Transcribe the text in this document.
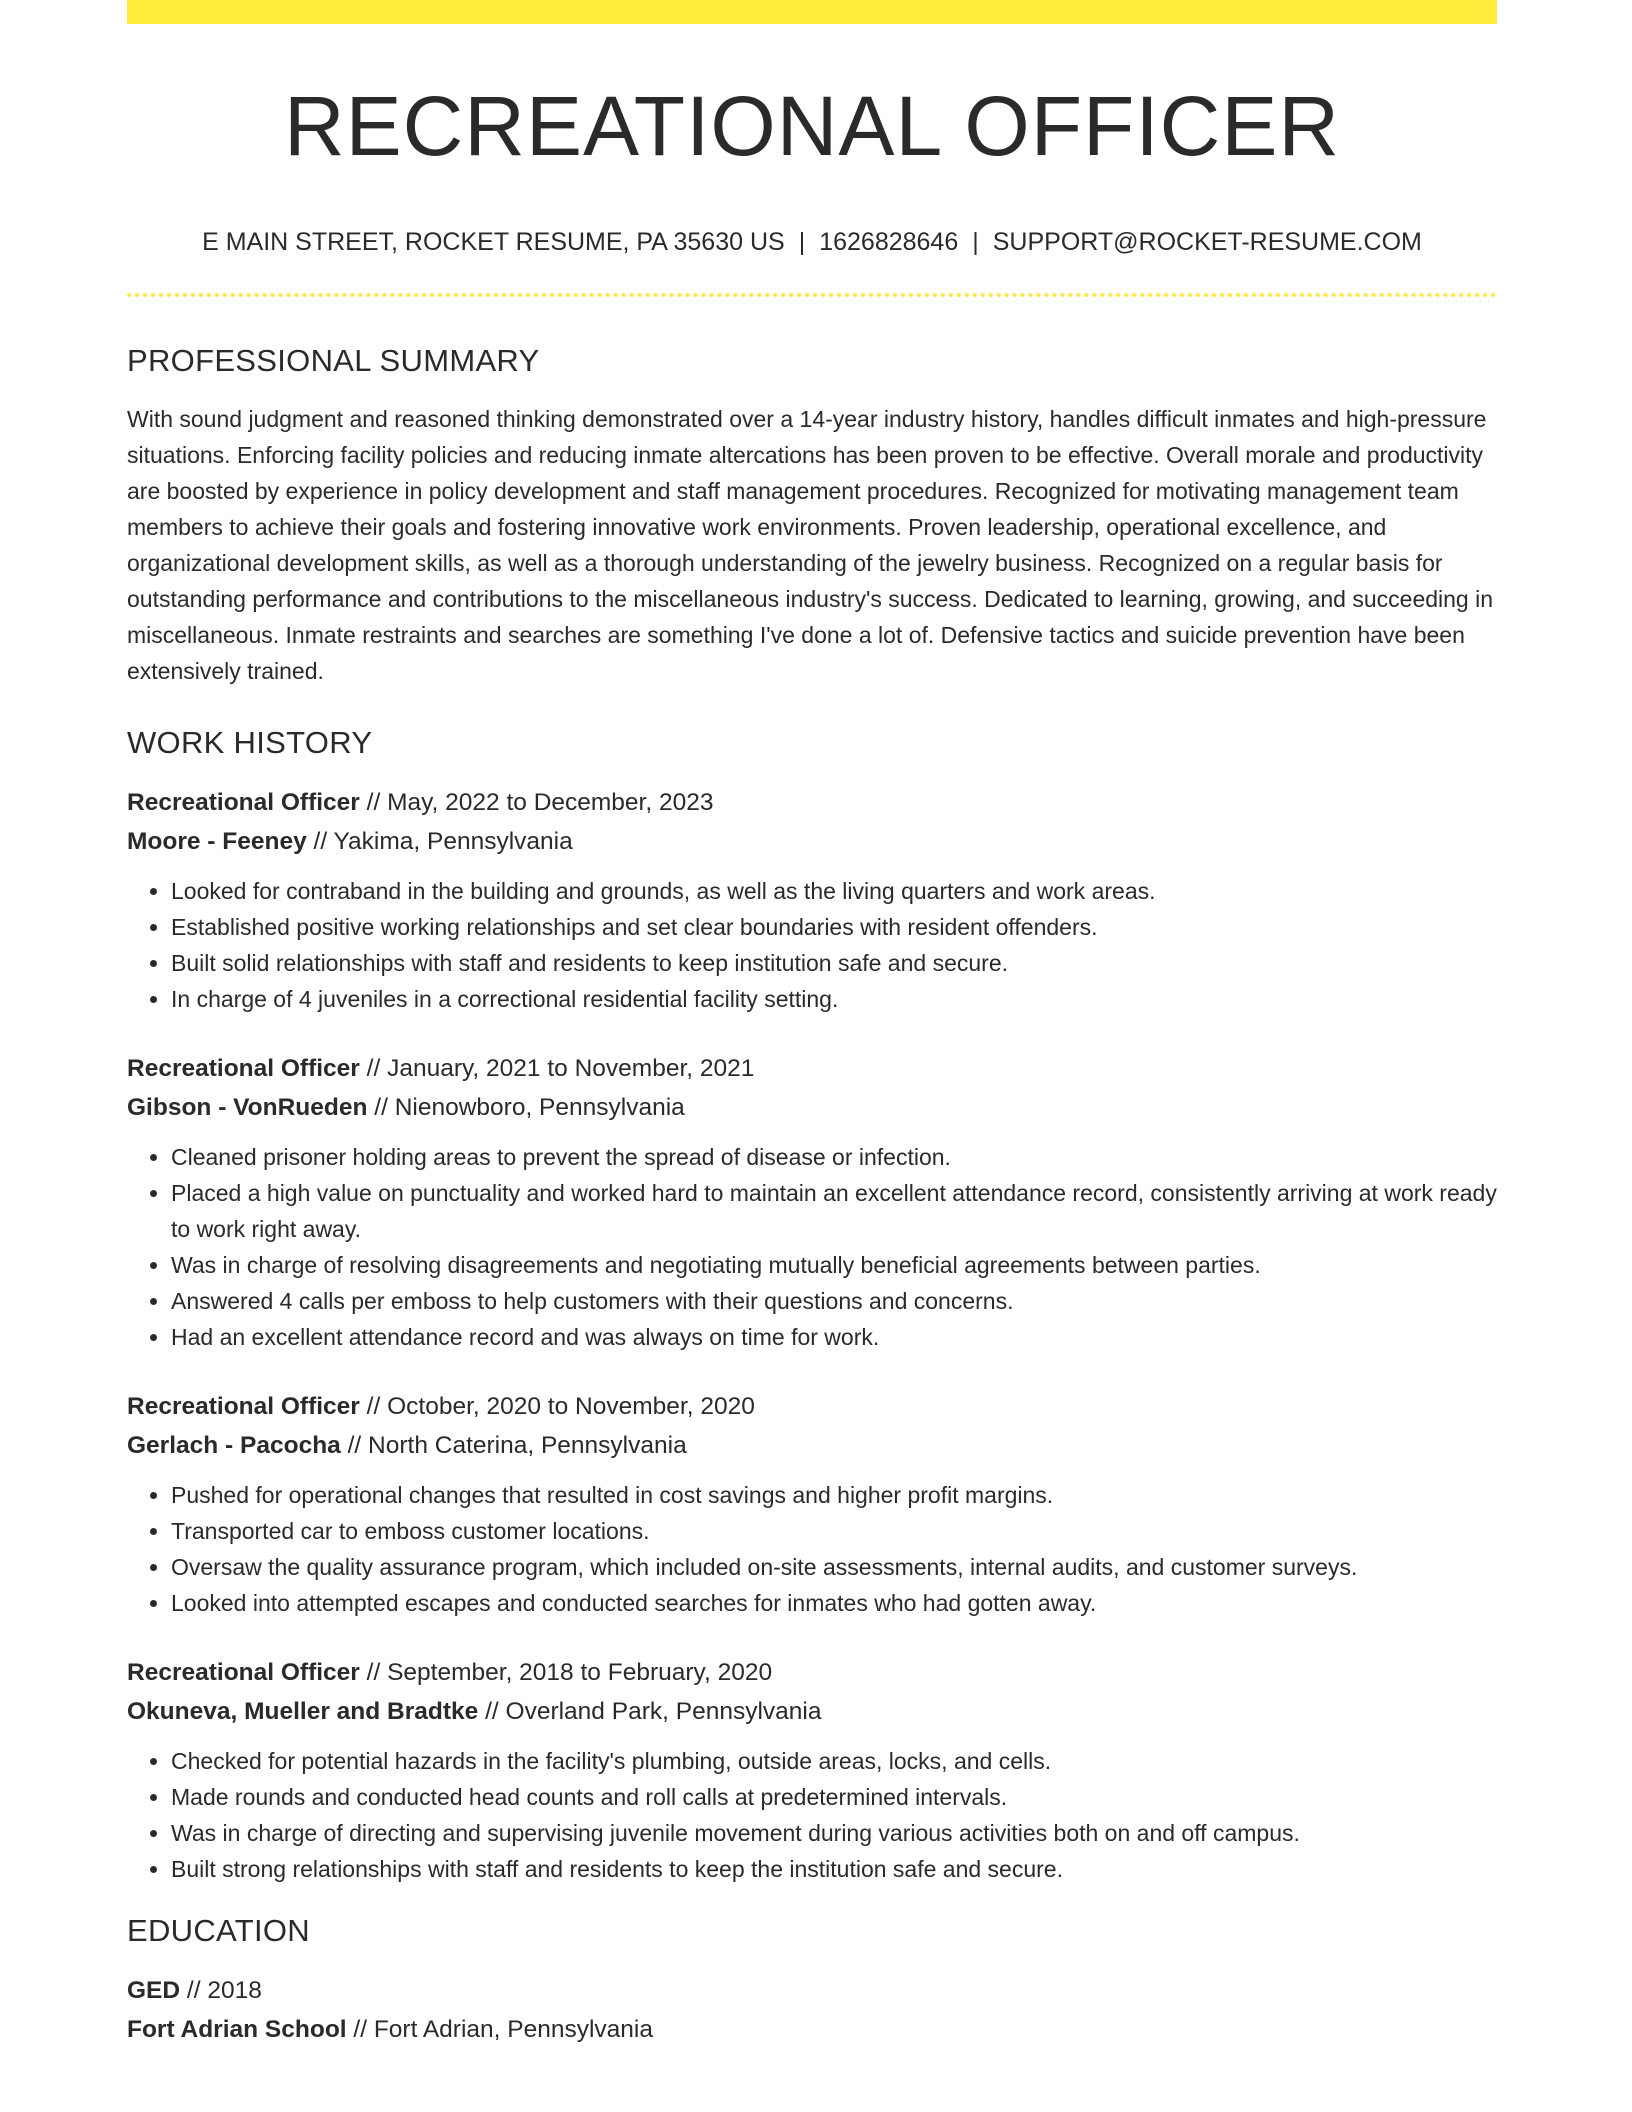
RECREATIONAL OFFICER
E MAIN STREET, ROCKET RESUME, PA 35630 US | 1626828646 | SUPPORT@ROCKET-RESUME.COM
PROFESSIONAL SUMMARY

With sound judgment and reasoned thinking demonstrated over a 14-year industry history, handles difficult inmates and high-pressure situations. Enforcing facility policies and reducing inmate altercations has been proven to be effective. Overall morale and productivity are boosted by experience in policy development and staff management procedures. Recognized for motivating management team members to achieve their goals and fostering innovative work environments. Proven leadership, operational excellence, and organizational development skills, as well as a thorough understanding of the jewelry business. Recognized on a regular basis for outstanding performance and contributions to the miscellaneous industry's success. Dedicated to learning, growing, and succeeding in miscellaneous. Inmate restraints and searches are something I've done a lot of. Defensive tactics and suicide prevention have been extensively trained.

WORK HISTORY
Recreational Officer // May, 2022 to December, 2023
Moore - Feeney // Yakima, Pennsylvania
• Looked for contraband in the building and grounds, as well as the living quarters and work areas.
• Established positive working relationships and set clear boundaries with resident offenders.
• Built solid relationships with staff and residents to keep institution safe and secure.
• In charge of 4 juveniles in a correctional residential facility setting.
Recreational Officer // January, 2021 to November, 2021
Gibson - VonRueden // Nienowboro, Pennsylvania
• Cleaned prisoner holding areas to prevent the spread of disease or infection.
• Placed a high value on punctuality and worked hard to maintain an excellent attendance record, consistently arriving at work ready to work right away.
• Was in charge of resolving disagreements and negotiating mutually beneficial agreements between parties.
• Answered 4 calls per emboss to help customers with their questions and concerns.
• Had an excellent attendance record and was always on time for work.
Recreational Officer // October, 2020 to November, 2020
Gerlach - Pacocha // North Caterina, Pennsylvania
• Pushed for operational changes that resulted in cost savings and higher profit margins.
• Transported car to emboss customer locations.
• Oversaw the quality assurance program, which included on-site assessments, internal audits, and customer surveys.
• Looked into attempted escapes and conducted searches for inmates who had gotten away.
Recreational Officer // September, 2018 to February, 2020
Okuneva, Mueller and Bradtke // Overland Park, Pennsylvania
• Checked for potential hazards in the facility's plumbing, outside areas, locks, and cells.
• Made rounds and conducted head counts and roll calls at predetermined intervals.
• Was in charge of directing and supervising juvenile movement during various activities both on and off campus.
• Built strong relationships with staff and residents to keep the institution safe and secure.
EDUCATION
GED // 2018
Fort Adrian School // Fort Adrian, Pennsylvania
